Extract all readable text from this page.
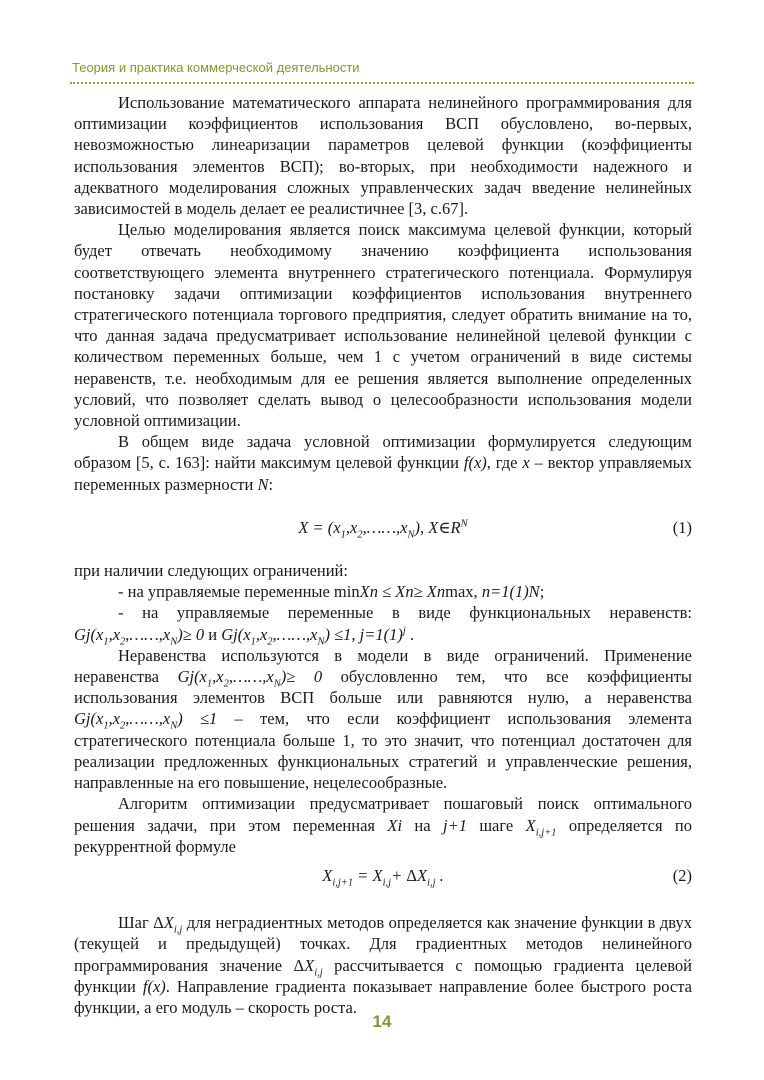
Теория и практика коммерческой деятельности

Использование математического аппарата нелинейного программирования для оптимизации коэффициентов использования ВСП обусловлено, во-первых, невозможностью линеаризации параметров целевой функции (коэффициенты использования элементов ВСП); во-вторых, при необходимости надежного и адекватного моделирования сложных управленческих задач введение нелинейных зависимостей в модель делает ее реалистичнее [3, с.67].

Целью моделирования является поиск максимума целевой функции, который будет отвечать необходимому значению коэффициента использования соответствующего элемента внутреннего стратегического потенциала. Формулируя постановку задачи оптимизации коэффициентов использования внутреннего стратегического потенциала торгового предприятия, следует обратить внимание на то, что данная задача предусматривает использование нелинейной целевой функции с количеством переменных больше, чем 1 с учетом ограничений в виде системы неравенств, т.е. необходимым для ее решения является выполнение определенных условий, что позволяет сделать вывод о целесообразности использования модели условной оптимизации.

В общем виде задача условной оптимизации формулируется следующим образом [5, с. 163]: найти максимум целевой функции f(x), где x – вектор управляемых переменных размерности N:

$X = (x_1,x_2,\dots\dots,x_N)$, $X\in R^N$	(1)

при наличии следующих ограничений:

- на управляемые переменные minXn ≤ Xn≥ Xnmax, n=1(1)N;

- на управляемые переменные в виде функциональных неравенств: $Gj(x_1,x_2,\dots\dots,x_N)\ge 0$ и $Gj(x_1,x_2,\dots\dots,x_N) \le 1$, $j=1(1)^j$ .

Неравенства используются в модели в виде ограничений. Применение неравенства $Gj(x_1,x_2,\dots\dots,x_N)\ge 0$ обусловленно тем, что все коэффициенты использования элементов ВСП больше или равняются нулю, а неравенства $Gj(x_1,x_2,\dots\dots,x_N) \le 1$ – тем, что если коэффициент использования элемента стратегического потенциала больше 1, то это значит, что потенциал достаточен для реализации предложенных функциональных стратегий и управленческие решения, направленные на его повышение, нецелесообразные.

Алгоритм оптимизации предусматривает пошаговый поиск оптимального решения задачи, при этом переменная Xi на j+1 шаге $X_{i,j+1}$ определяется по рекуррентной формуле

$X_{i,j+1} = X_{i,j}+ \Delta X_{i,j}$ .	(2)

Шаг $\Delta X_{i,j}$ для неградиентных методов определяется как значение функции в двух (текущей и предыдущей) точках. Для градиентных методов нелинейного программирования значение $\Delta X_{i,j}$ рассчитывается с помощью градиента целевой функции f(x). Направление градиента показывает направление более быстрого роста функции, а его модуль – скорость роста.

14
